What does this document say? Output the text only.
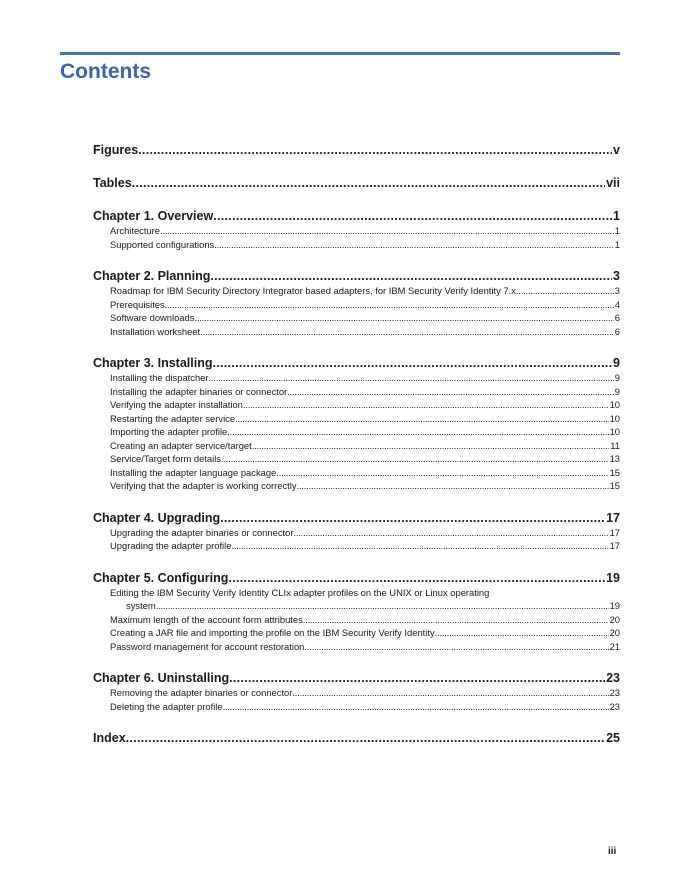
Contents
Figures .....	v
Tables .....	vii
Chapter 1. Overview .....	1
Architecture .....	1
Supported configurations .....	1
Chapter 2. Planning .....	3
Roadmap for IBM Security Directory Integrator based adapters, for IBM Security Verify Identity 7.x .....	3
Prerequisites .....	4
Software downloads .....	6
Installation worksheet .....	6
Chapter 3. Installing .....	9
Installing the dispatcher .....	9
Installing the adapter binaries or connector .....	9
Verifying the adapter installation .....	10
Restarting the adapter service .....	10
Importing the adapter profile .....	10
Creating an adapter service/target .....	11
Service/Target form details .....	13
Installing the adapter language package .....	15
Verifying that the adapter is working correctly .....	15
Chapter 4. Upgrading .....	17
Upgrading the adapter binaries or connector .....	17
Upgrading the adapter profile .....	17
Chapter 5. Configuring .....	19
Editing the IBM Security Verify Identity CLIx adapter profiles on the UNIX or Linux operating
system .....	19
Maximum length of the account form attributes .....	20
Creating a JAR file and importing the profile on the IBM Security Verify Identity .....	20
Password management for account restoration .....	21
Chapter 6. Uninstalling .....	23
Removing the adapter binaries or connector .....	23
Deleting the adapter profile .....	23
Index .....	25
iii
